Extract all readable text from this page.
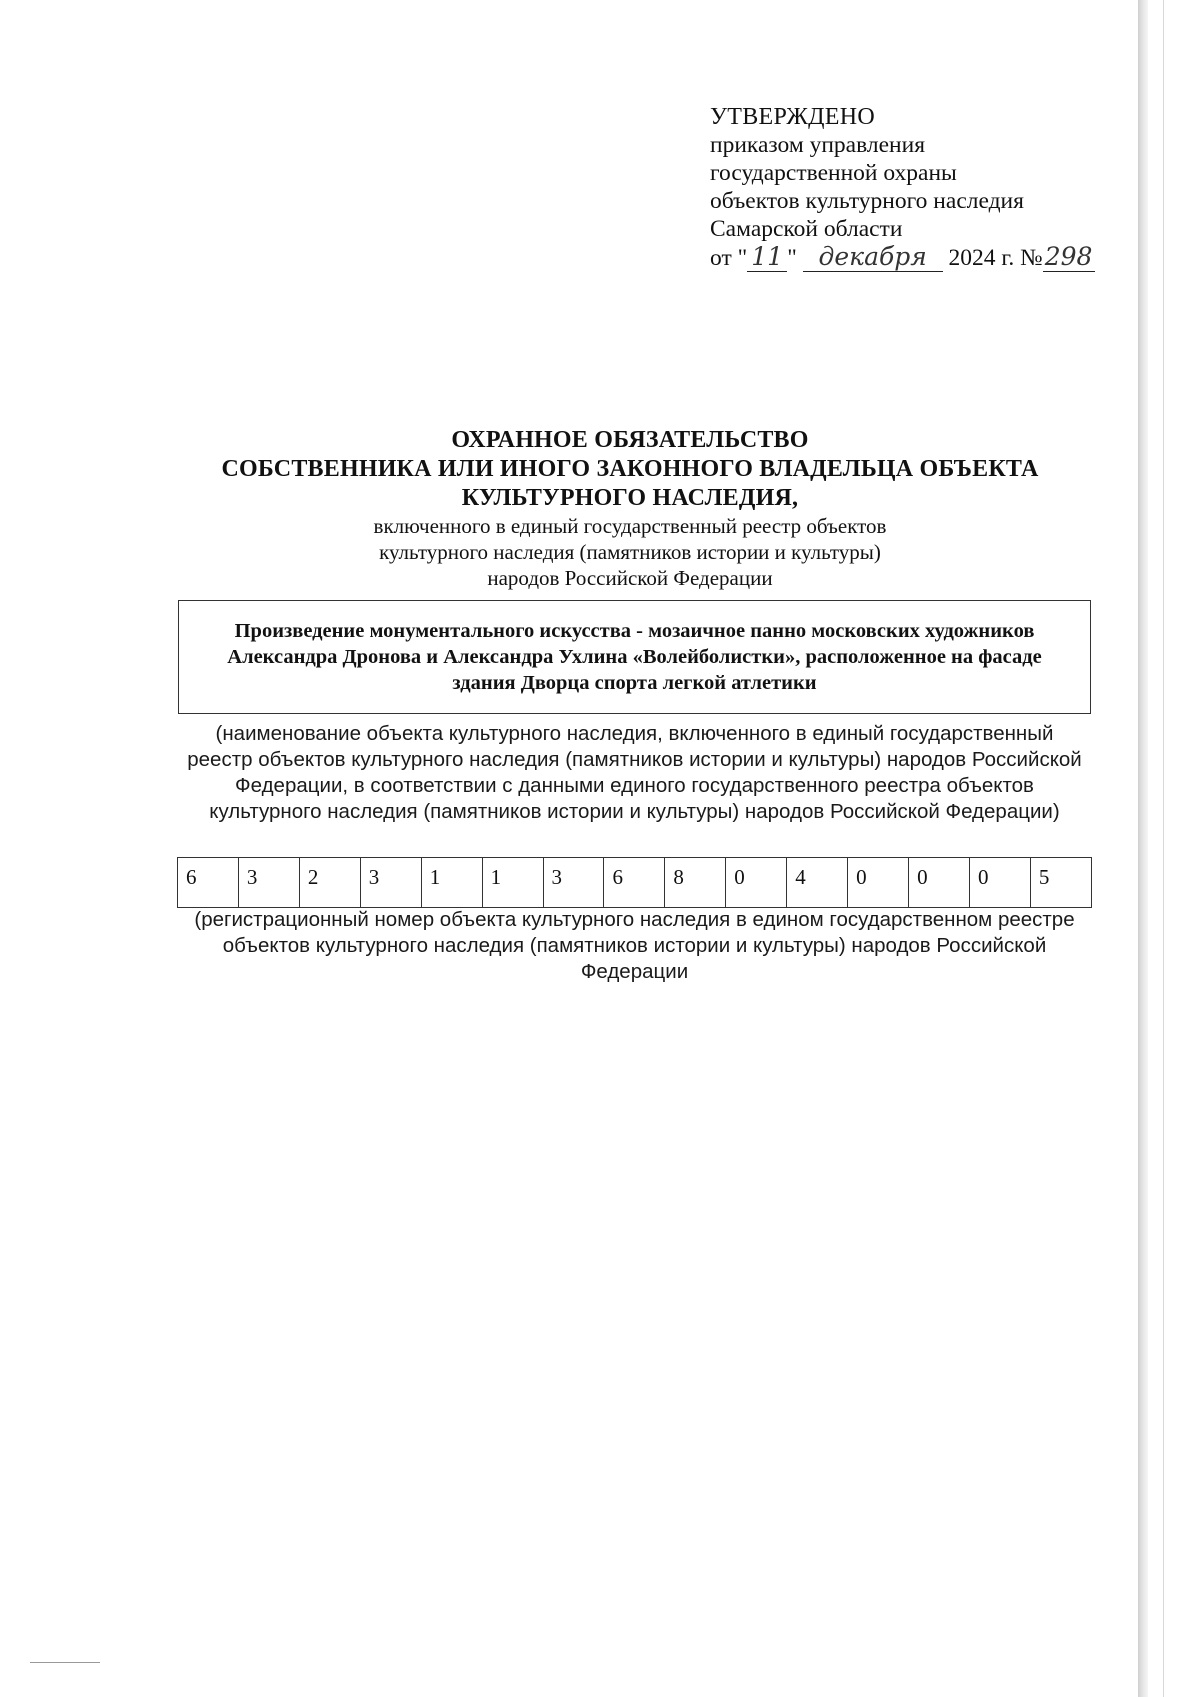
УТВЕРЖДЕНО
приказом управления
государственной охраны
объектов культурного наследия
Самарской области
от " 11 " декабря 2024 г. №298
ОХРАННОЕ ОБЯЗАТЕЛЬСТВО
СОБСТВЕННИКА ИЛИ ИНОГО ЗАКОННОГО ВЛАДЕЛЬЦА ОБЪЕКТА
КУЛЬТУРНОГО НАСЛЕДИЯ,
включенного в единый государственный реестр объектов
культурного наследия (памятников истории и культуры)
народов Российской Федерации
Произведение монументального искусства - мозаичное панно московских художников
Александра Дронова и Александра Ухлина «Волейболистки», расположенное на фасаде
здания Дворца спорта легкой атлетики
(наименование объекта культурного наследия, включенного в единый государственный
реестр объектов культурного наследия (памятников истории и культуры) народов Российской
Федерации, в соответствии с данными единого государственного реестра объектов
культурного наследия (памятников истории и культуры) народов Российской Федерации)
6	3	2	3	1	1	3	6	8	0	4	0	0	0	5
(регистрационный номер объекта культурного наследия в едином государственном реестре
объектов культурного наследия (памятников истории и культуры) народов Российской
Федерации
